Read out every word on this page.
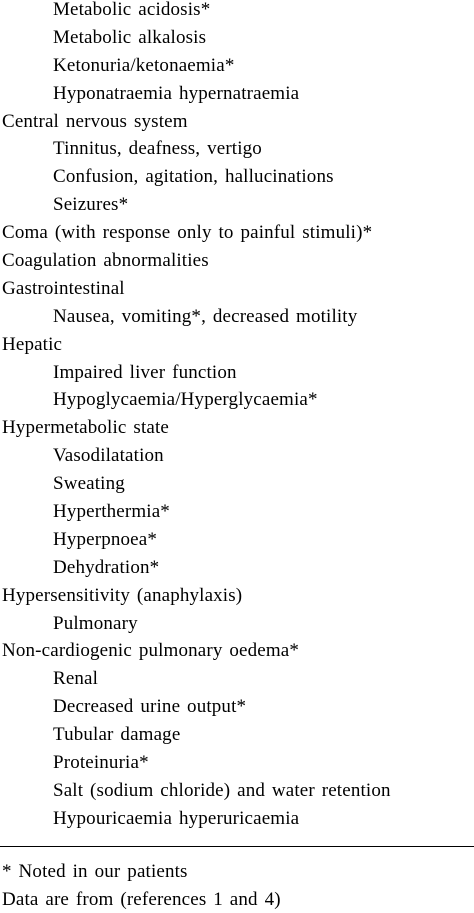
Metabolic acidosis*
Metabolic alkalosis
Ketonuria/ketonaemia*
Hyponatraemia hypernatraemia
Central nervous system
Tinnitus, deafness, vertigo
Confusion, agitation, hallucinations
Seizures*
Coma (with response only to painful stimuli)*
Coagulation abnormalities
Gastrointestinal
Nausea, vomiting*, decreased motility
Hepatic
Impaired liver function
Hypoglycaemia/Hyperglycaemia*
Hypermetabolic state
Vasodilatation
Sweating
Hyperthermia*
Hyperpnoea*
Dehydration*
Hypersensitivity (anaphylaxis)
Pulmonary
Non-cardiogenic pulmonary oedema*
Renal
Decreased urine output*
Tubular damage
Proteinuria*
Salt (sodium chloride) and water retention
Hypouricaemia hyperuricaemia
* Noted in our patients
Data are from (references 1 and 4)
